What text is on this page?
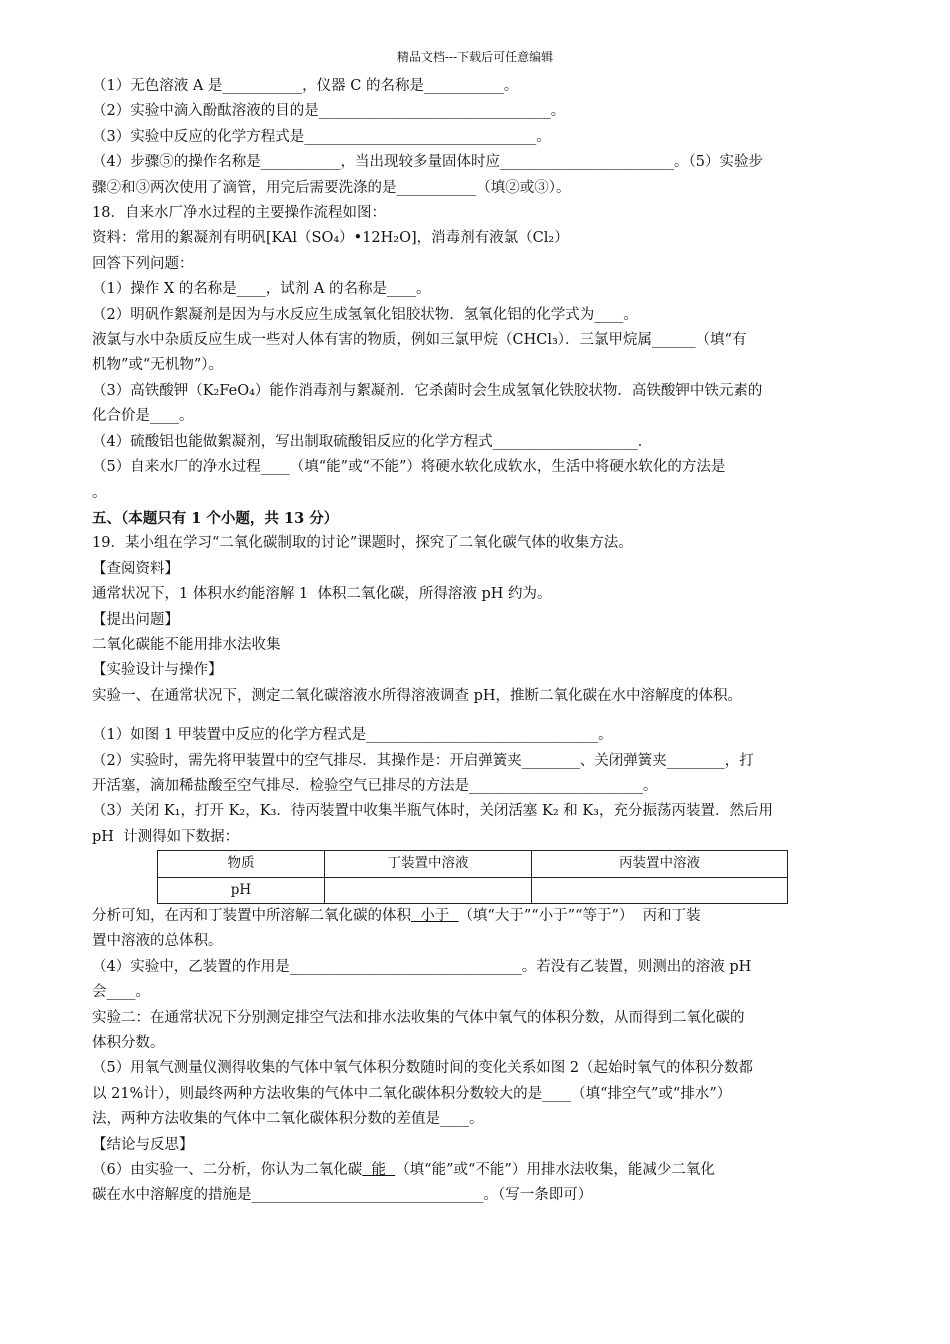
精品文档---下载后可任意编辑

（1）无色溶液 A 是___________，仪器 C 的名称是___________。

（2）实验中滴入酚酞溶液的目的是________________________________。

（3）实验中反应的化学方程式是________________________________。

（4）步骤⑤的操作名称是___________，当出现较多量固体时应________________________。（5）实验步

骤②和③两次使用了滴管，用完后需要洗涤的是___________（填②或③）。

18．自来水厂净水过程的主要操作流程如图：

资料：常用的絮凝剂有明矾[KAl（SO₄）•12H₂O]，消毒剂有液氯（Cl₂）

回答下列问题：

（1）操作 X 的名称是____，试剂 A 的名称是____。

（2）明矾作絮凝剂是因为与水反应生成氢氧化铝胶状物．氢氧化铝的化学式为____。

液氯与水中杂质反应生成一些对人体有害的物质，例如三氯甲烷（CHCl₃）．三氯甲烷属______（填“有

机物”或“无机物”）。

（3）高铁酸钾（K₂FeO₄）能作消毒剂与絮凝剂．它杀菌时会生成氢氧化铁胶状物．高铁酸钾中铁元素的

化合价是____。

（4）硫酸铝也能做絮凝剂，写出制取硫酸铝反应的化学方程式____________________．

（5）自来水厂的净水过程____（填“能”或“不能”）将硬水软化成软水，生活中将硬水软化的方法是

。

五、（本题只有 1 个小题，共 13 分）

19．某小组在学习“二氧化碳制取的讨论”课题时，探究了二氧化碳气体的收集方法。

【查阅资料】

通常状况下，1 体积水约能溶解 1  体积二氧化碳，所得溶液 pH 约为。

【提出问题】

二氧化碳能不能用排水法收集

【实验设计与操作】

实验一、在通常状况下，测定二氧化碳溶液水所得溶液调查 pH，推断二氧化碳在水中溶解度的体积。

（1）如图 1 甲装置中反应的化学方程式是________________________________。

（2）实验时，需先将甲装置中的空气排尽．其操作是：开启弹簧夹________、关闭弹簧夹________，打

开活塞，滴加稀盐酸至空气排尽．检验空气已排尽的方法是________________________。

（3）关闭 K₁，打开 K₂，K₃．待丙装置中收集半瓶气体时，关闭活塞 K₂ 和 K₃，充分振荡丙装置．然后用

pH  计测得如下数据：

物质	丁装置中溶液	丙装置中溶液
pH		

分析可知，在丙和丁装置中所溶解二氧化碳的体积  小于  （填“大于”“小于”“等于”）  丙和丁装

置中溶液的总体积。

（4）实验中，乙装置的作用是________________________________。若没有乙装置，则测出的溶液 pH

会____。

实验二：在通常状况下分别测定排空气法和排水法收集的气体中氧气的体积分数，从而得到二氧化碳的

体积分数。

（5）用氧气测量仪测得收集的气体中氧气体积分数随时间的变化关系如图 2（起始时氧气的体积分数都

以 21%计），则最终两种方法收集的气体中二氧化碳体积分数较大的是____（填“排空气”或“排水”）

法，两种方法收集的气体中二氧化碳体积分数的差值是____。

【结论与反思】

（6）由实验一、二分析，你认为二氧化碳  能  （填“能”或“不能”）用排水法收集，能减少二氧化

碳在水中溶解度的措施是________________________________。（写一条即可）
